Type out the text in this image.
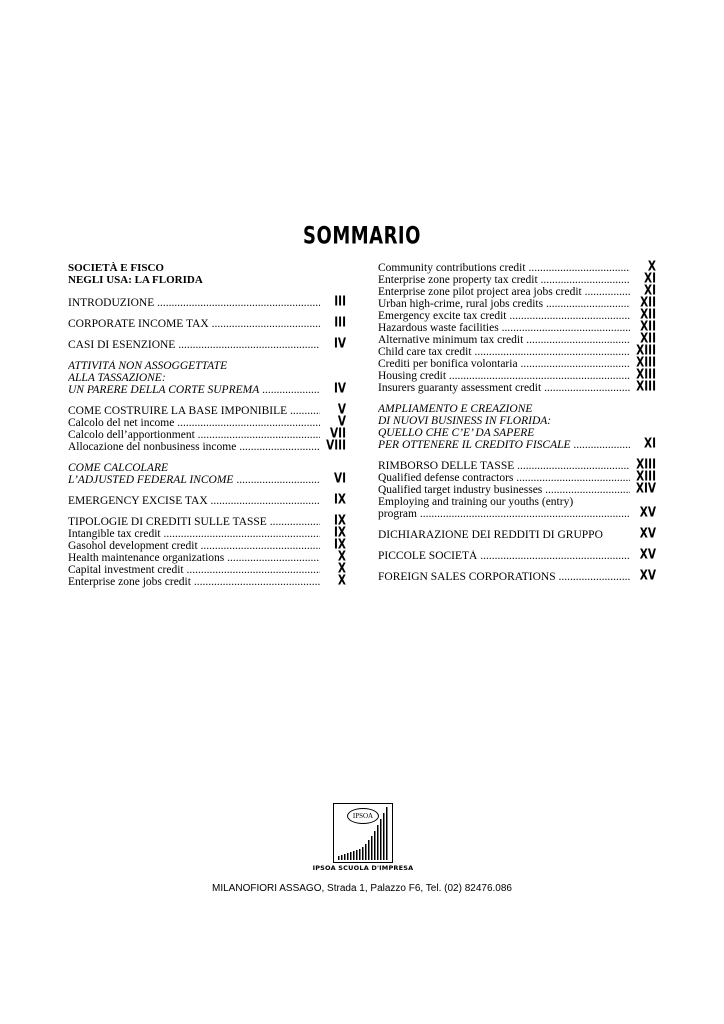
SOMMARIO
SOCIETÀ E FISCO
NEGLI USA: LA FLORIDA
INTRODUZIONE .....	III
CORPORATE INCOME TAX .....	III
CASI DI ESENZIONE .....	IV
ATTIVITÀ NON ASSOGGETTATE
ALLA TASSAZIONE:
UN PARERE DELLA CORTE SUPREMA .....	IV
COME COSTRUIRE LA BASE IMPONIBILE .....	V
Calcolo del net income .....	V
Calcolo dell’apportionment .....	VII
Allocazione del nonbusiness income .....	VIII
COME CALCOLARE
L’ADJUSTED FEDERAL INCOME .....	VI
EMERGENCY EXCISE TAX .....	IX
TIPOLOGIE DI CREDITI SULLE TASSE .....	IX
Intangible tax credit .....	IX
Gasohol development credit .....	IX
Health maintenance organizations .....	X
Capital investment credit .....	X
Enterprise zone jobs credit .....	X
Community contributions credit .....	X
Enterprise zone property tax credit .....	XI
Enterprise zone pilot project area jobs credit .....	XI
Urban high-crime, rural jobs credits .....	XII
Emergency excite tax credit .....	XII
Hazardous waste facilities .....	XII
Alternative minimum tax credit .....	XII
Child care tax credit .....	XIII
Crediti per bonifica volontaria .....	XIII
Housing credit .....	XIII
Insurers guaranty assessment credit .....	XIII
AMPLIAMENTO E CREAZIONE
DI NUOVI BUSINESS IN FLORIDA:
QUELLO CHE C’E’ DA SAPERE
PER OTTENERE IL CREDITO FISCALE .....	XI
RIMBORSO DELLE TASSE .....	XIII
Qualified defense contractors .....	XIII
Qualified target industry businesses .....	XIV
Employing and training our youths (entry)
program .....	XV
DICHIARAZIONE DEI REDDITI DI GRUPPO	XV
PICCOLE SOCIETÀ .....	XV
FOREIGN SALES CORPORATIONS .....	XV
IPSOA
IPSOA SCUOLA D'IMPRESA
MILANOFIORI ASSAGO, Strada 1, Palazzo F6, Tel. (02) 82476.086
